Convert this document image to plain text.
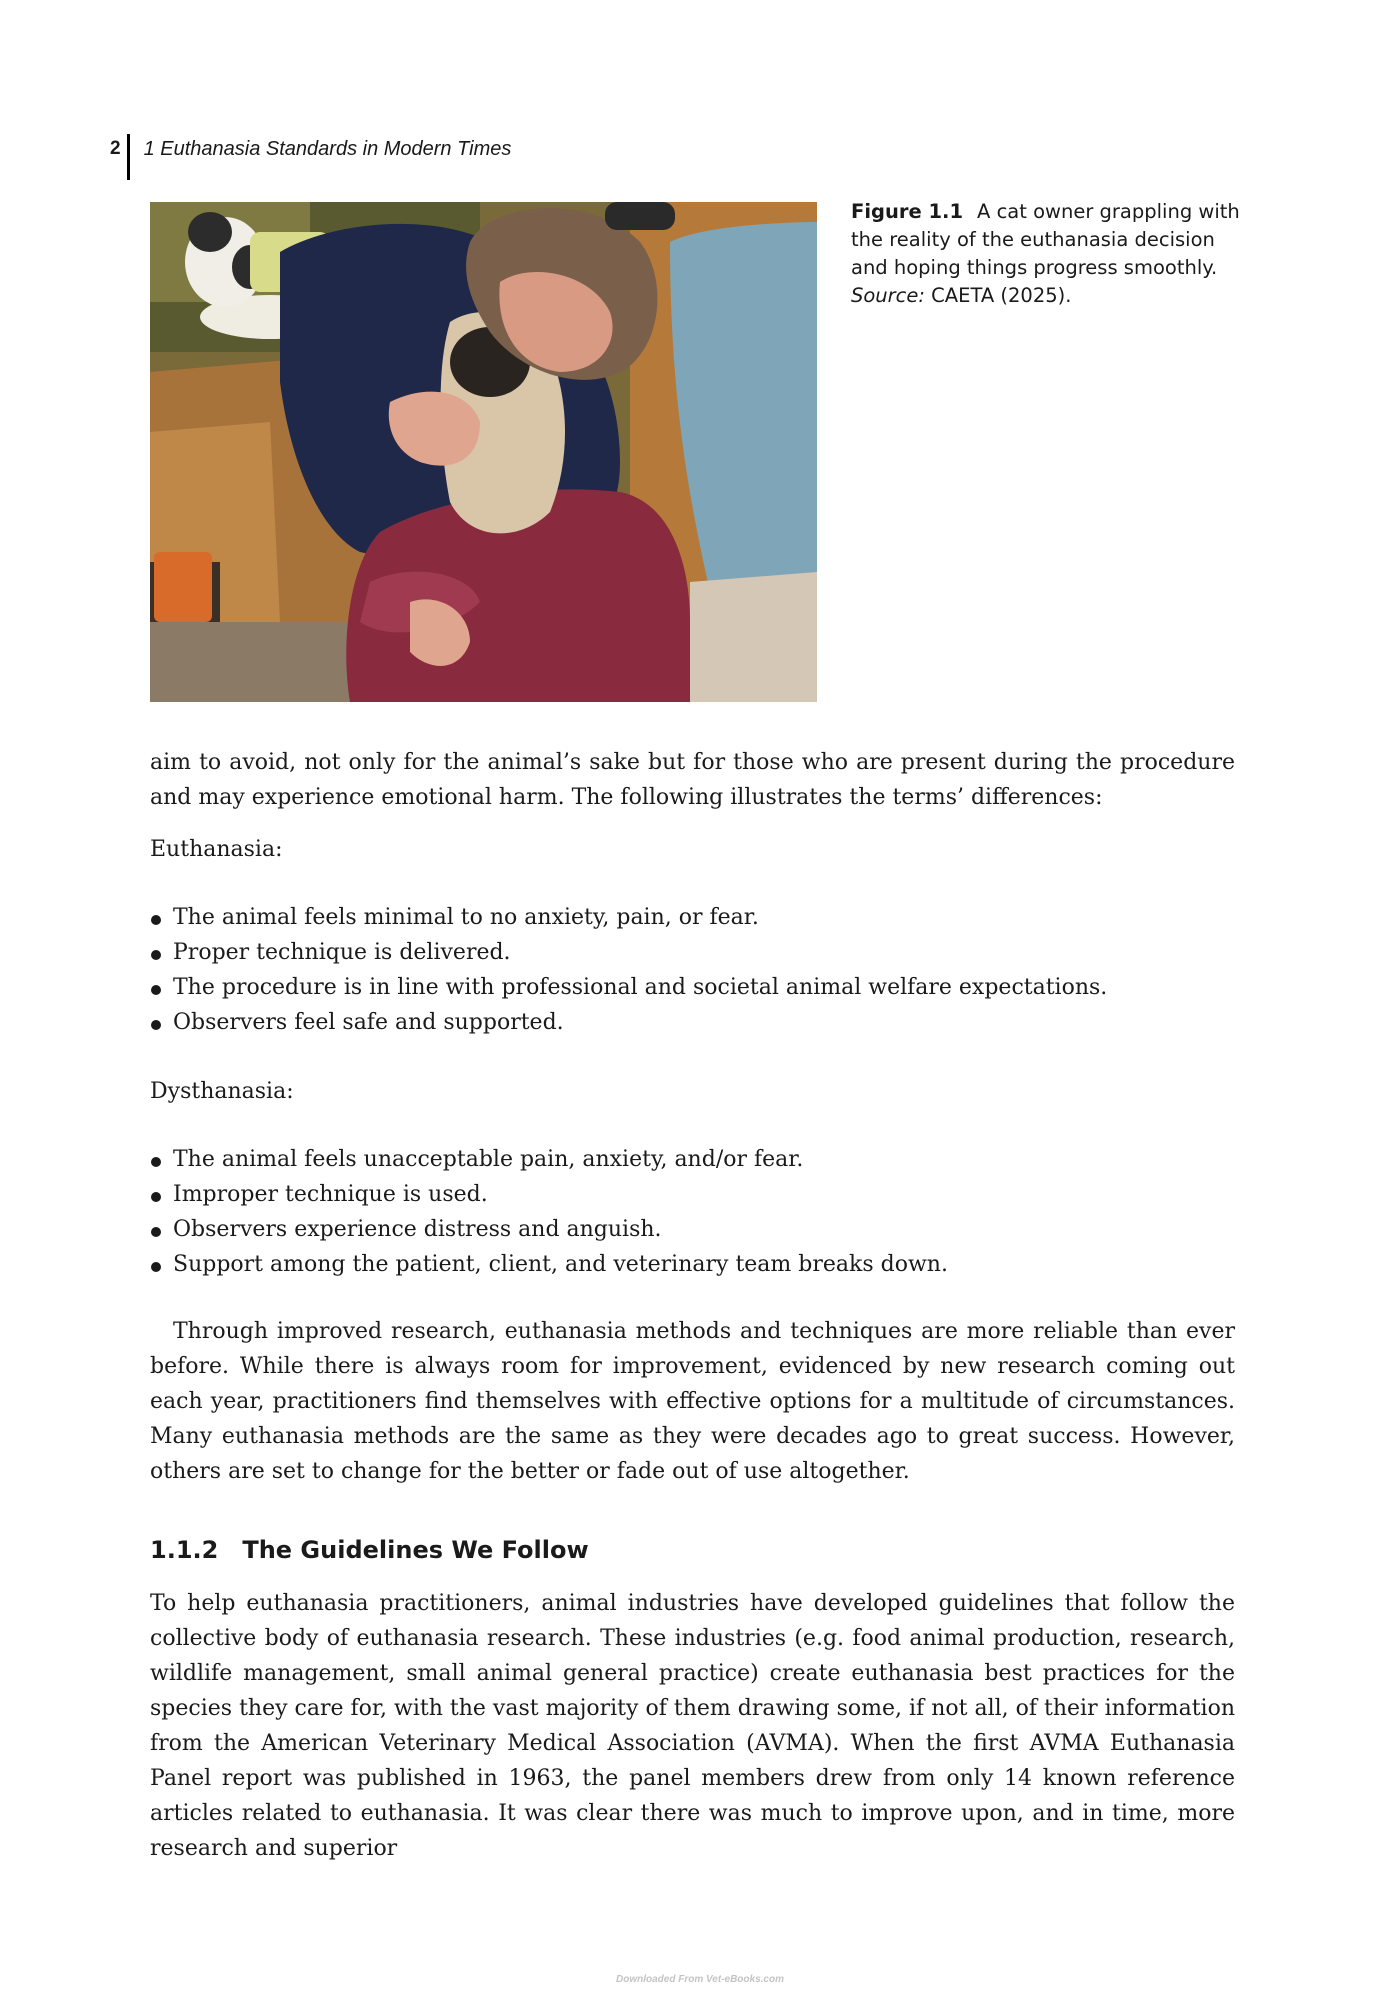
2	1 Euthanasia Standards in Modern Times
Figure 1.1 A cat owner grappling with the reality of the euthanasia decision and hoping things progress smoothly. Source: CAETA (2025).

aim to avoid, not only for the animal’s sake but for those who are present during the procedure and may experience emotional harm. The following illustrates the terms’ differences:

Euthanasia:

The animal feels minimal to no anxiety, pain, or fear.
Proper technique is delivered.
The procedure is in line with professional and societal animal welfare expectations.
Observers feel safe and supported.

Dysthanasia:

The animal feels unacceptable pain, anxiety, and/or fear.
Improper technique is used.
Observers experience distress and anguish.
Support among the patient, client, and veterinary team breaks down.

Through improved research, euthanasia methods and techniques are more reliable than ever before. While there is always room for improvement, evidenced by new research coming out each year, practitioners find themselves with effective options for a multitude of circumstances. Many euthanasia methods are the same as they were decades ago to great success. However, others are set to change for the better or fade out of use altogether.

1.1.2 The Guidelines We Follow

To help euthanasia practitioners, animal industries have developed guidelines that follow the collective body of euthanasia research. These industries (e.g. food animal production, research, wildlife management, small animal general practice) create euthanasia best practices for the species they care for, with the vast majority of them drawing some, if not all, of their information from the American Veterinary Medical Association (AVMA). When the first AVMA Euthanasia Panel report was published in 1963, the panel members drew from only 14 known reference articles related to euthanasia. It was clear there was much to improve upon, and in time, more research and superior

Downloaded From Vet-eBooks.com
